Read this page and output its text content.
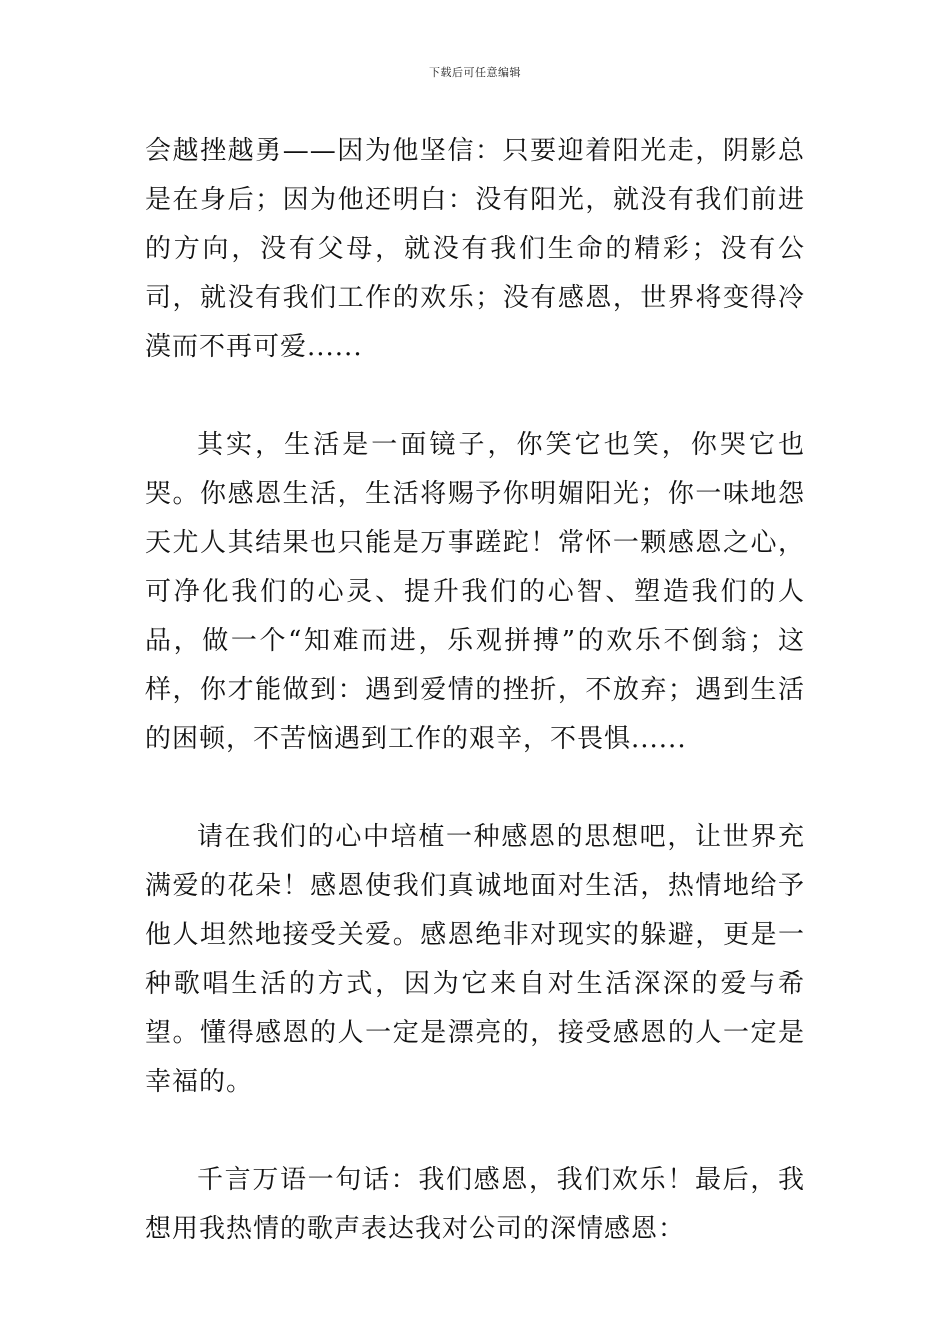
下载后可任意编辑

会越挫越勇——因为他坚信：只要迎着阳光走，阴影总是在身后；因为他还明白：没有阳光，就没有我们前进的方向，没有父母，就没有我们生命的精彩；没有公司，就没有我们工作的欢乐；没有感恩，世界将变得冷漠而不再可爱......

其实，生活是一面镜子，你笑它也笑，你哭它也哭。你感恩生活，生活将赐予你明媚阳光；你一味地怨天尤人其结果也只能是万事蹉跎！常怀一颗感恩之心，可净化我们的心灵、提升我们的心智、塑造我们的人品，做一个“知难而进，乐观拼搏”的欢乐不倒翁；这样，你才能做到：遇到爱情的挫折，不放弃；遇到生活的困顿，不苦恼遇到工作的艰辛，不畏惧......

请在我们的心中培植一种感恩的思想吧，让世界充满爱的花朵！感恩使我们真诚地面对生活，热情地给予他人坦然地接受关爱。感恩绝非对现实的躲避，更是一种歌唱生活的方式，因为它来自对生活深深的爱与希望。懂得感恩的人一定是漂亮的，接受感恩的人一定是幸福的。

千言万语一句话：我们感恩，我们欢乐！最后，我想用我热情的歌声表达我对公司的深情感恩：
